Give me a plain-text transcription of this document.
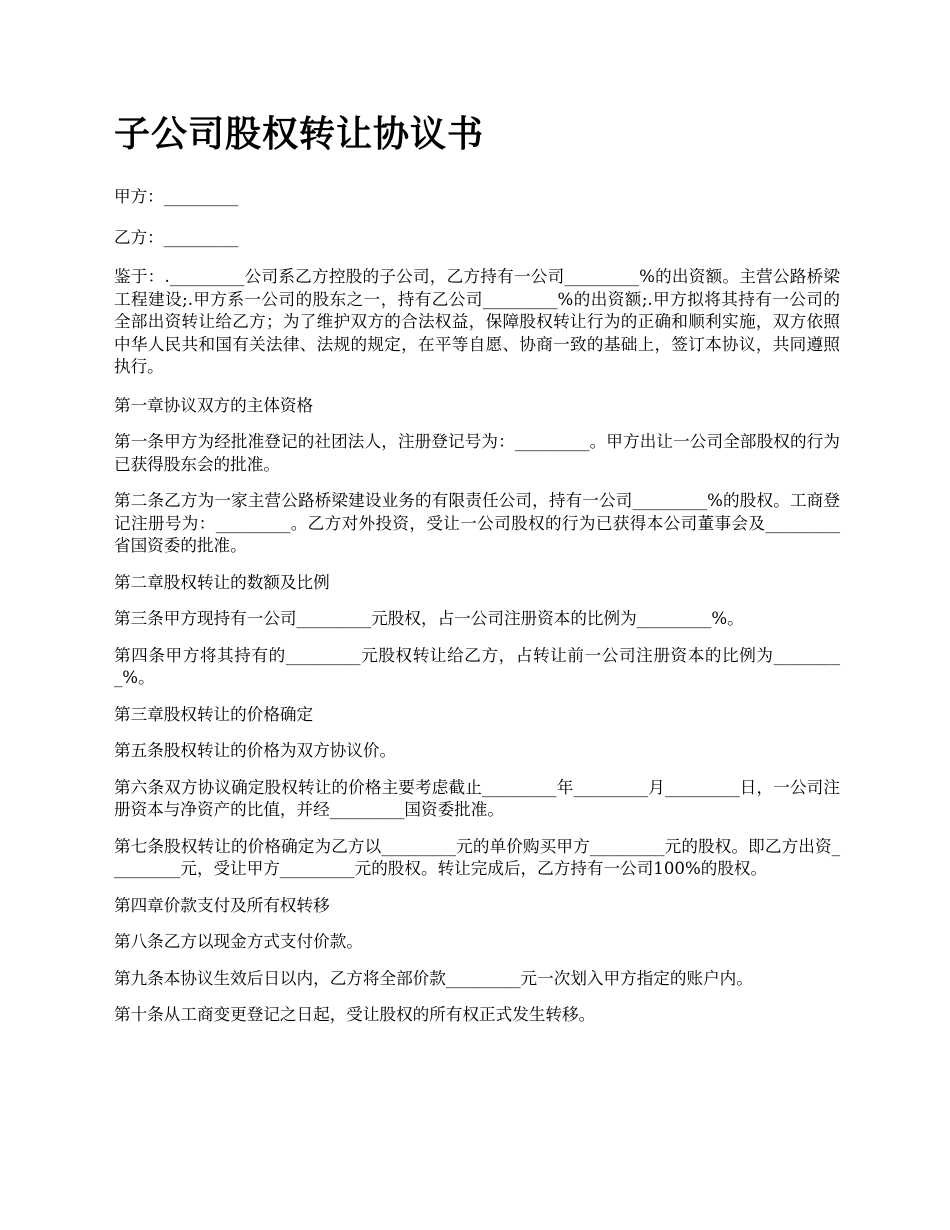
子公司股权转让协议书

甲方：_________

乙方：_________

鉴于：._________公司系乙方控股的子公司，乙方持有一公司_________%的出资额。主营公路桥梁工程建设;.甲方系一公司的股东之一，持有乙公司_________%的出资额;.甲方拟将其持有一公司的全部出资转让给乙方；为了维护双方的合法权益，保障股权转让行为的正确和顺利实施，双方依照中华人民共和国有关法律、法规的规定，在平等自愿、协商一致的基础上，签订本协议，共同遵照执行。

第一章协议双方的主体资格

第一条甲方为经批准登记的社团法人，注册登记号为：_________。甲方出让一公司全部股权的行为已获得股东会的批准。

第二条乙方为一家主营公路桥梁建设业务的有限责任公司，持有一公司_________%的股权。工商登记注册号为：_________。乙方对外投资，受让一公司股权的行为已获得本公司董事会及_________省国资委的批准。

第二章股权转让的数额及比例

第三条甲方现持有一公司_________元股权，占一公司注册资本的比例为_________%。

第四条甲方将其持有的_________元股权转让给乙方，占转让前一公司注册资本的比例为_________%。

第三章股权转让的价格确定

第五条股权转让的价格为双方协议价。

第六条双方协议确定股权转让的价格主要考虑截止_________年_________月_________日，一公司注册资本与净资产的比值，并经_________国资委批准。

第七条股权转让的价格确定为乙方以_________元的单价购买甲方_________元的股权。即乙方出资_________元，受让甲方_________元的股权。转让完成后，乙方持有一公司100%的股权。

第四章价款支付及所有权转移

第八条乙方以现金方式支付价款。

第九条本协议生效后日以内，乙方将全部价款_________元一次划入甲方指定的账户内。

第十条从工商变更登记之日起，受让股权的所有权正式发生转移。
